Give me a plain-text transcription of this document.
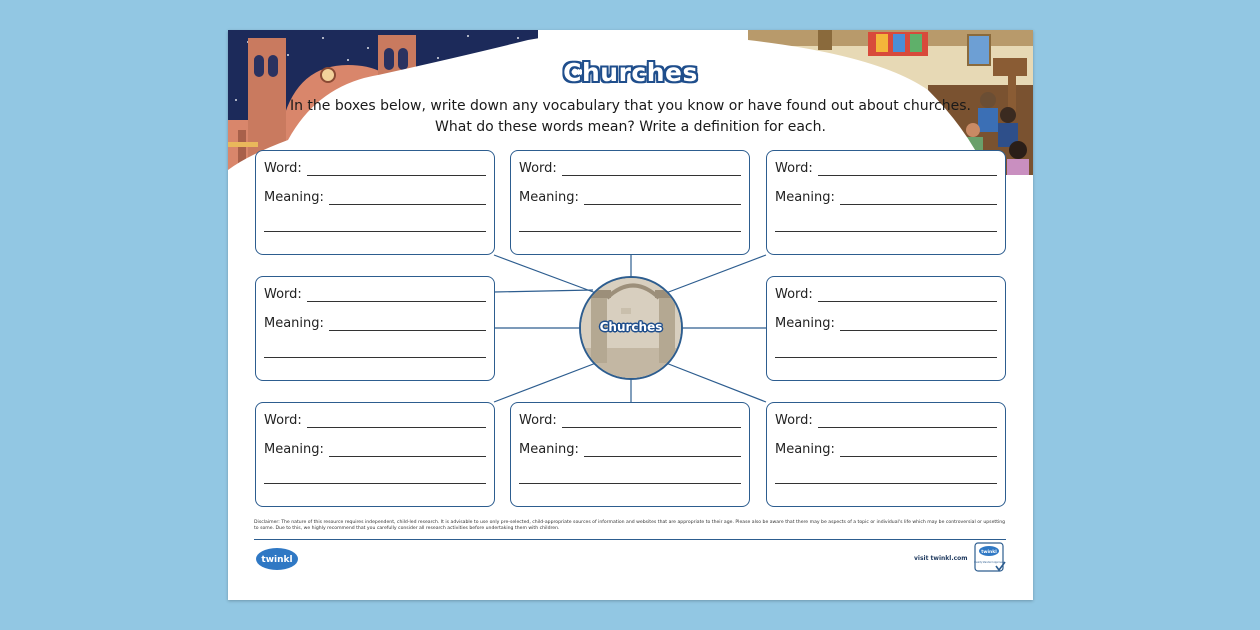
Churches
In the boxes below, write down any vocabulary that you know or have found out about churches.
What do these words mean? Write a definition for each.
Churches
Word:
Meaning:
Word:
Meaning:
Word:
Meaning:
Word:
Meaning:
Word:
Meaning:
Word:
Meaning:
Word:
Meaning:
Word:
Meaning:
Disclaimer: The nature of this resource requires independent, child-led research. It is advisable to use only pre-selected, child-appropriate sources of information and websites that are appropriate to their age. Please also be aware that there may be aspects of a topic or individual's life which may be controversial or upsetting to some. Due to this, we highly recommend that you carefully consider all research activities before undertaking them with children.
twinkl	visit twinkl.com
twinkl
Quality Standard Approved
